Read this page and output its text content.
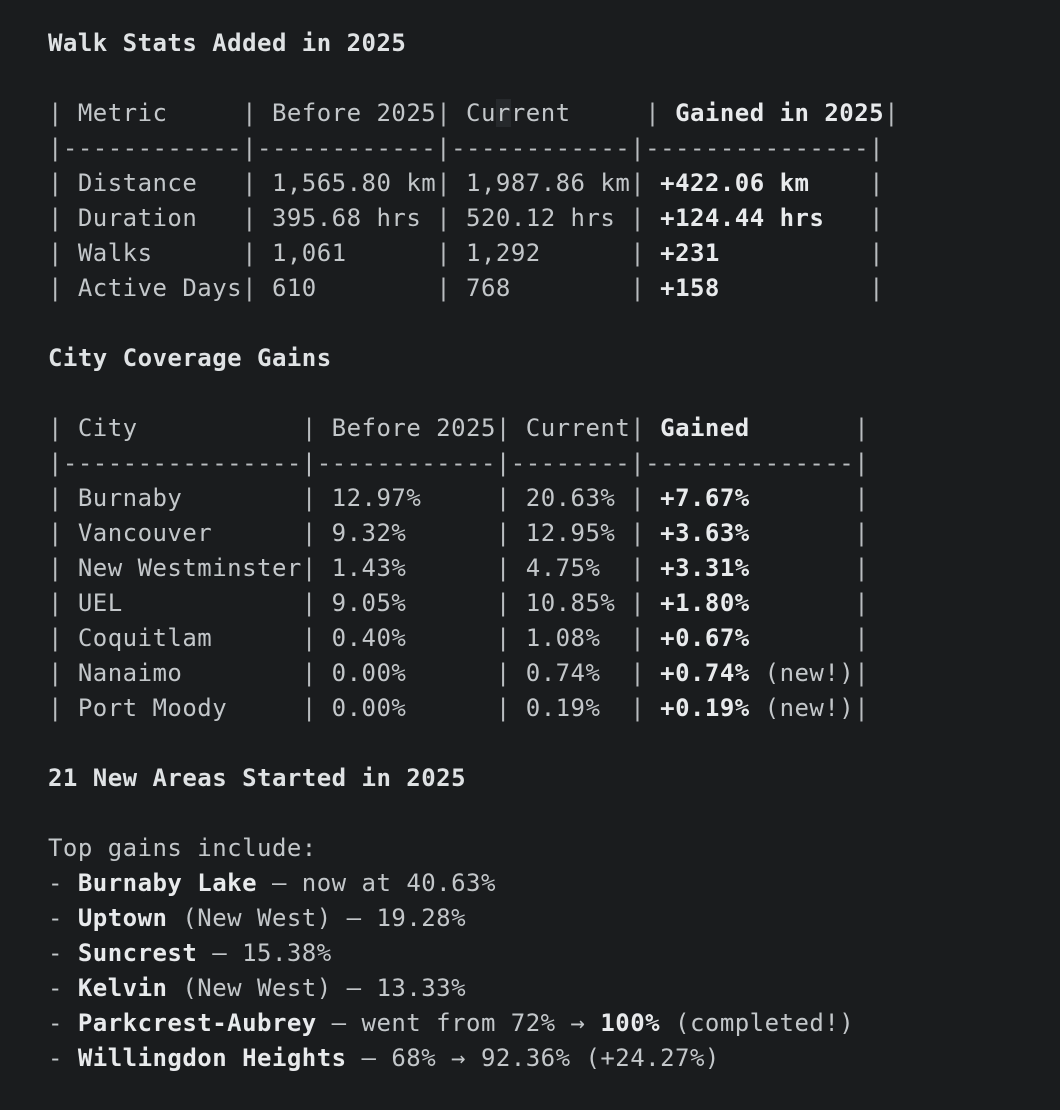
Walk Stats Added in 2025
| Metric     | Before 2025| Current     | Gained in 2025|
|------------|------------|------------|---------------|
| Distance   | 1,565.80 km| 1,987.86 km| +422.06 km    |
| Duration   | 395.68 hrs | 520.12 hrs | +124.44 hrs   |
| Walks      | 1,061      | 1,292      | +231          |
| Active Days| 610        | 768        | +158          |
City Coverage Gains
| City           | Before 2025| Current| Gained       |
|----------------|------------|--------|--------------|
| Burnaby        | 12.97%     | 20.63% | +7.67%	|
| Vancouver      | 9.32%      | 12.95% | +3.63%	|
| New Westminster| 1.43%      | 4.75%  | +3.31%	|
| UEL            | 9.05%      | 10.85% | +1.80%	|
| Coquitlam      | 0.40%      | 1.08%  | +0.67%	|
| Nanaimo        | 0.00%      | 0.74%  | +0.74% (new!)|
| Port Moody     | 0.00%      | 0.19%  | +0.19% (new!)|
21 New Areas Started in 2025
Top gains include:
- Burnaby Lake — now at 40.63%
- Uptown (New West) — 19.28%
- Suncrest — 15.38%
- Kelvin (New West) — 13.33%
- Parkcrest-Aubrey — went from 72% → 100% (completed!)
- Willingdon Heights — 68% → 92.36% (+24.27%)
